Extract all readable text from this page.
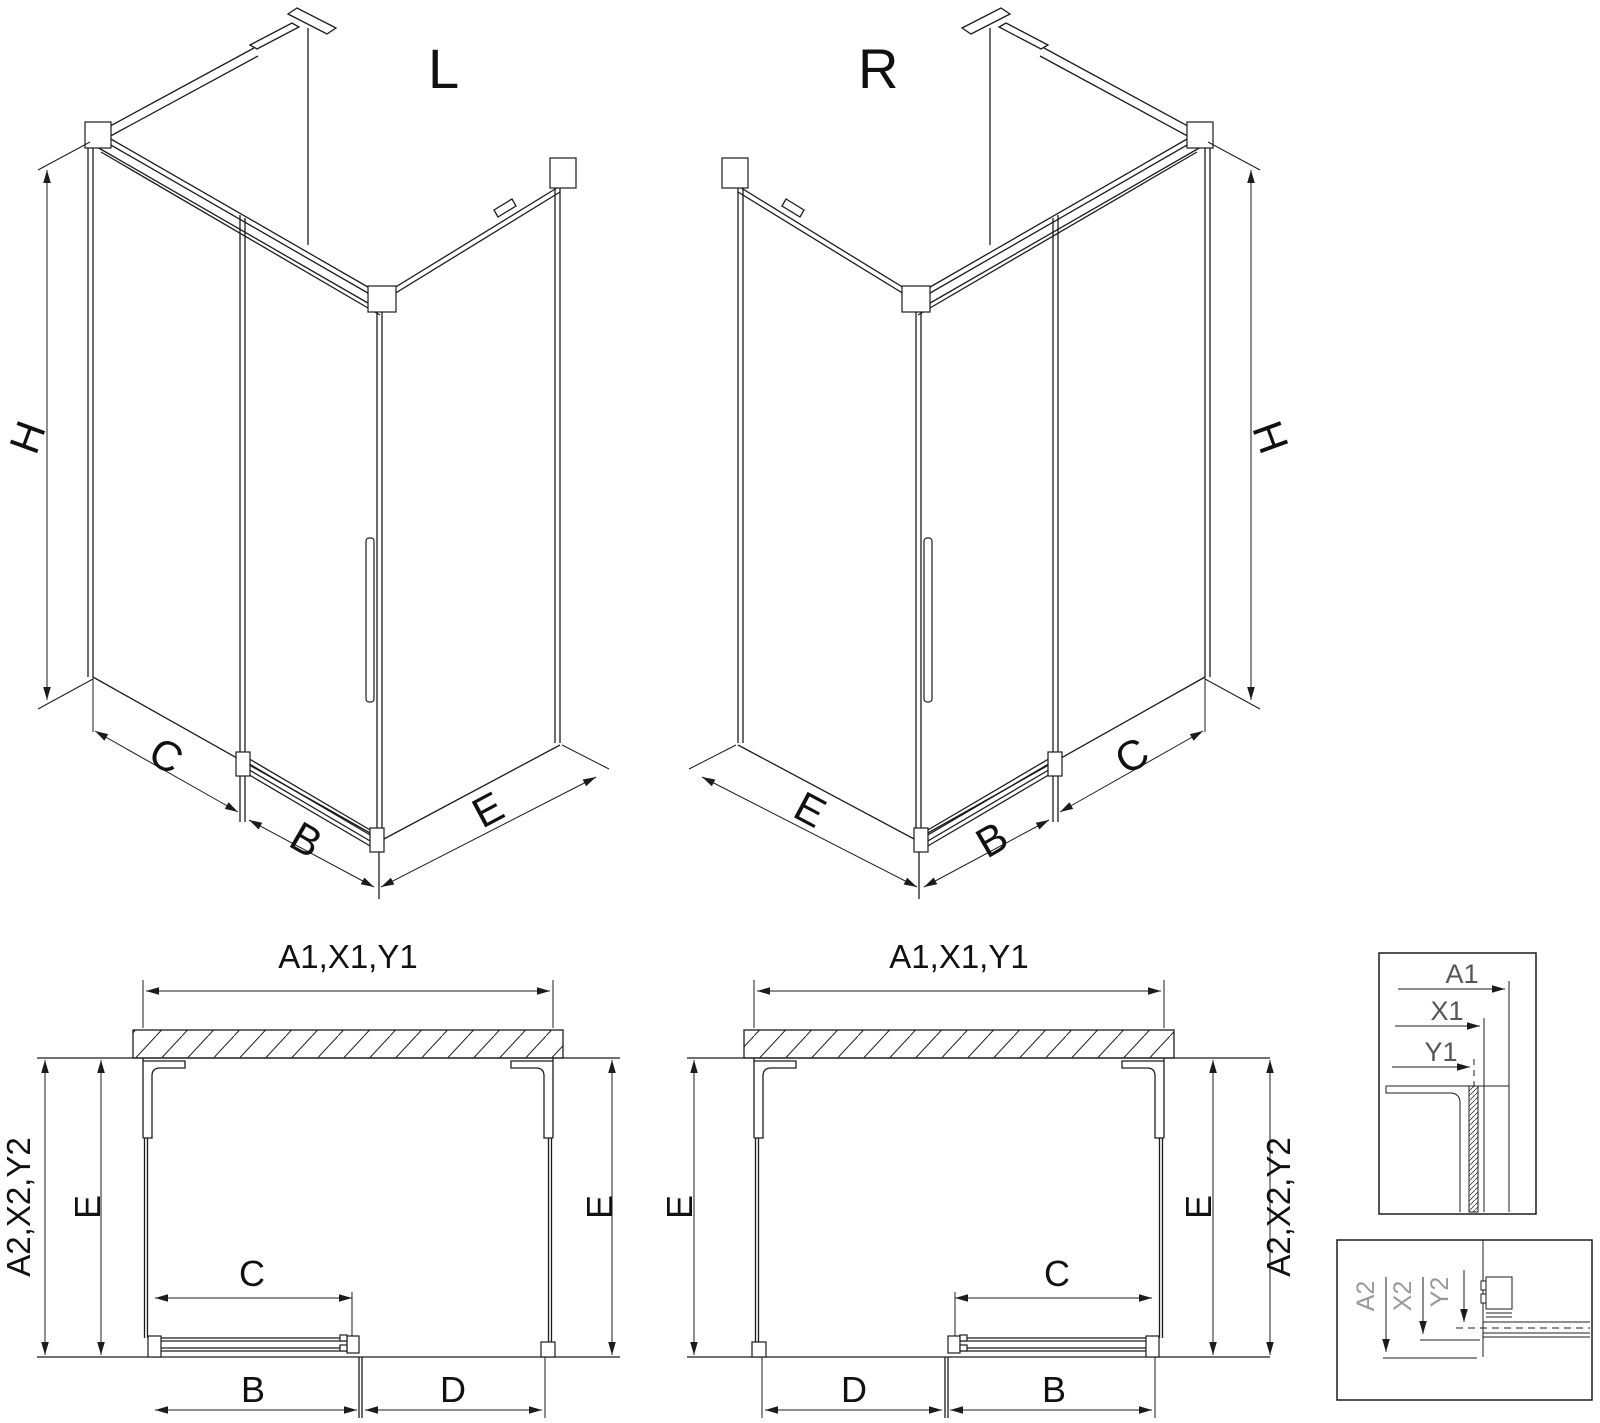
L
H
C
B
E
R
H
E
B
C
A1,X1,Y1
A2,X2,Y2 E	E
C
B	D
A1,X1,Y1
E	E A2,X2,Y2
C
D	B
A1
X1
Y1
A2 X2 Y2
